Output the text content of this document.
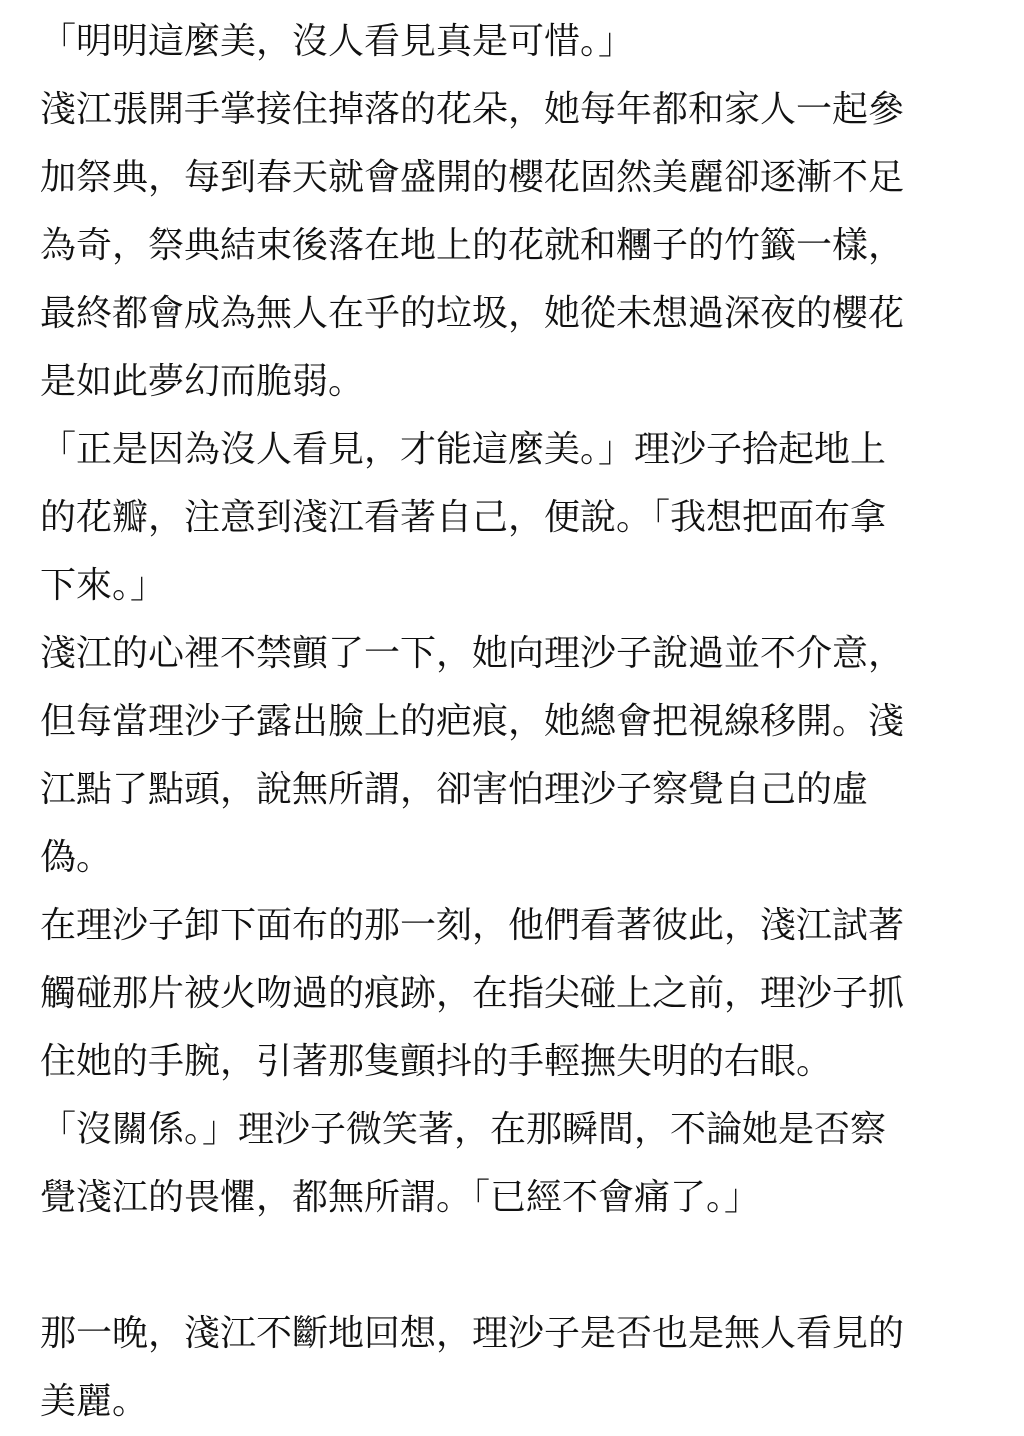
「明明這麼美，沒人看見真是可惜。」

淺江張開手掌接住掉落的花朵，她每年都和家人一起參
加祭典，每到春天就會盛開的櫻花固然美麗卻逐漸不足
為奇，祭典結束後落在地上的花就和糰子的竹籤一樣，
最終都會成為無人在乎的垃圾，她從未想過深夜的櫻花
是如此夢幻而脆弱。

「正是因為沒人看見，才能這麼美。」理沙子拾起地上
的花瓣，注意到淺江看著自己，便說。「我想把面布拿
下來。」

淺江的心裡不禁顫了一下，她向理沙子說過並不介意，
但每當理沙子露出臉上的疤痕，她總會把視線移開。淺
江點了點頭，說無所謂，卻害怕理沙子察覺自己的虛
偽。

在理沙子卸下面布的那一刻，他們看著彼此，淺江試著
觸碰那片被火吻過的痕跡，在指尖碰上之前，理沙子抓
住她的手腕，引著那隻顫抖的手輕撫失明的右眼。

「沒關係。」理沙子微笑著，在那瞬間，不論她是否察
覺淺江的畏懼，都無所謂。「已經不會痛了。」

那一晚，淺江不斷地回想，理沙子是否也是無人看見的
美麗。
